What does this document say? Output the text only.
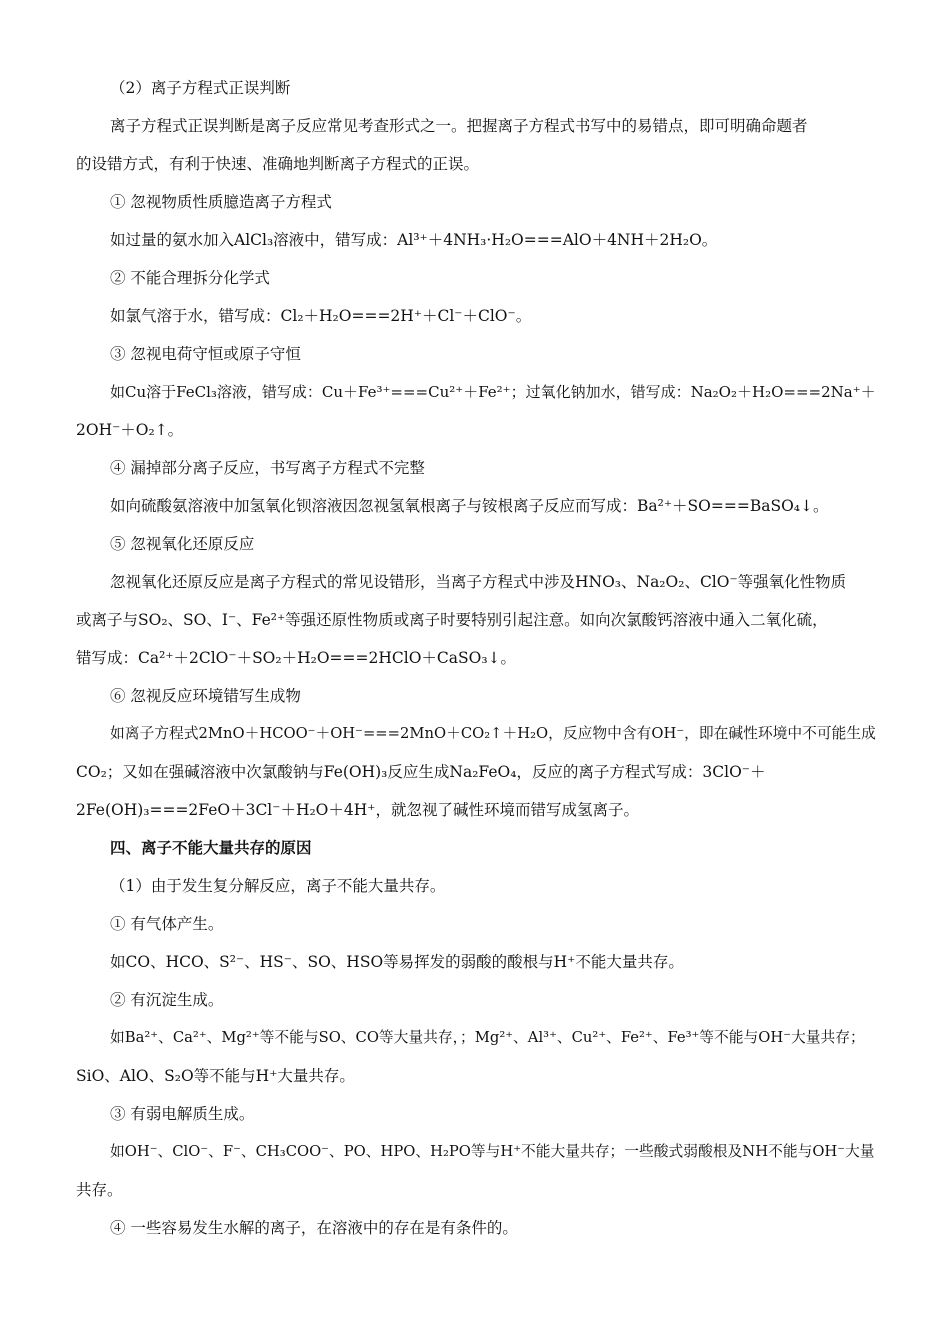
（2）离子方程式正误判断
离子方程式正误判断是离子反应常见考查形式之一。把握离子方程式书写中的易错点，即可明确命题者
的设错方式，有利于快速、准确地判断离子方程式的正误。
① 忽视物质性质臆造离子方程式
如过量的氨水加入AlCl₃溶液中，错写成：Al³⁺＋4NH₃·H₂O===AlO＋4NH＋2H₂O。
② 不能合理拆分化学式
如氯气溶于水，错写成：Cl₂＋H₂O===2H⁺＋Cl⁻＋ClO⁻。
③ 忽视电荷守恒或原子守恒
如Cu溶于FeCl₃溶液，错写成：Cu＋Fe³⁺===Cu²⁺＋Fe²⁺；过氧化钠加水，错写成：Na₂O₂＋H₂O===2Na⁺＋
2OH⁻＋O₂↑。
④ 漏掉部分离子反应，书写离子方程式不完整
如向硫酸氨溶液中加氢氧化钡溶液因忽视氢氧根离子与铵根离子反应而写成：Ba²⁺＋SO===BaSO₄↓。
⑤ 忽视氧化还原反应
忽视氧化还原反应是离子方程式的常见设错形，当离子方程式中涉及HNO₃、Na₂O₂、ClO⁻等强氧化性物质
或离子与SO₂、SO、I⁻、Fe²⁺等强还原性物质或离子时要特别引起注意。如向次氯酸钙溶液中通入二氧化硫，
错写成：Ca²⁺＋2ClO⁻＋SO₂＋H₂O===2HClO＋CaSO₃↓。
⑥ 忽视反应环境错写生成物
如离子方程式2MnO＋HCOO⁻＋OH⁻===2MnO＋CO₂↑＋H₂O，反应物中含有OH⁻，即在碱性环境中不可能生成
CO₂；又如在强碱溶液中次氯酸钠与Fe(OH)₃反应生成Na₂FeO₄，反应的离子方程式写成：3ClO⁻＋
2Fe(OH)₃===2FeO＋3Cl⁻＋H₂O＋4H⁺，就忽视了碱性环境而错写成氢离子。
四、离子不能大量共存的原因
（1）由于发生复分解反应，离子不能大量共存。
① 有气体产生。
如CO、HCO、S²⁻、HS⁻、SO、HSO等易挥发的弱酸的酸根与H⁺不能大量共存。
② 有沉淀生成。
如Ba²⁺、Ca²⁺、Mg²⁺等不能与SO、CO等大量共存，；Mg²⁺、Al³⁺、Cu²⁺、Fe²⁺、Fe³⁺等不能与OH⁻大量共存；
SiO、AlO、S₂O等不能与H⁺大量共存。
③ 有弱电解质生成。
如OH⁻、ClO⁻、F⁻、CH₃COO⁻、PO、HPO、H₂PO等与H⁺不能大量共存；一些酸式弱酸根及NH不能与OH⁻大量
共存。
④ 一些容易发生水解的离子，在溶液中的存在是有条件的。
